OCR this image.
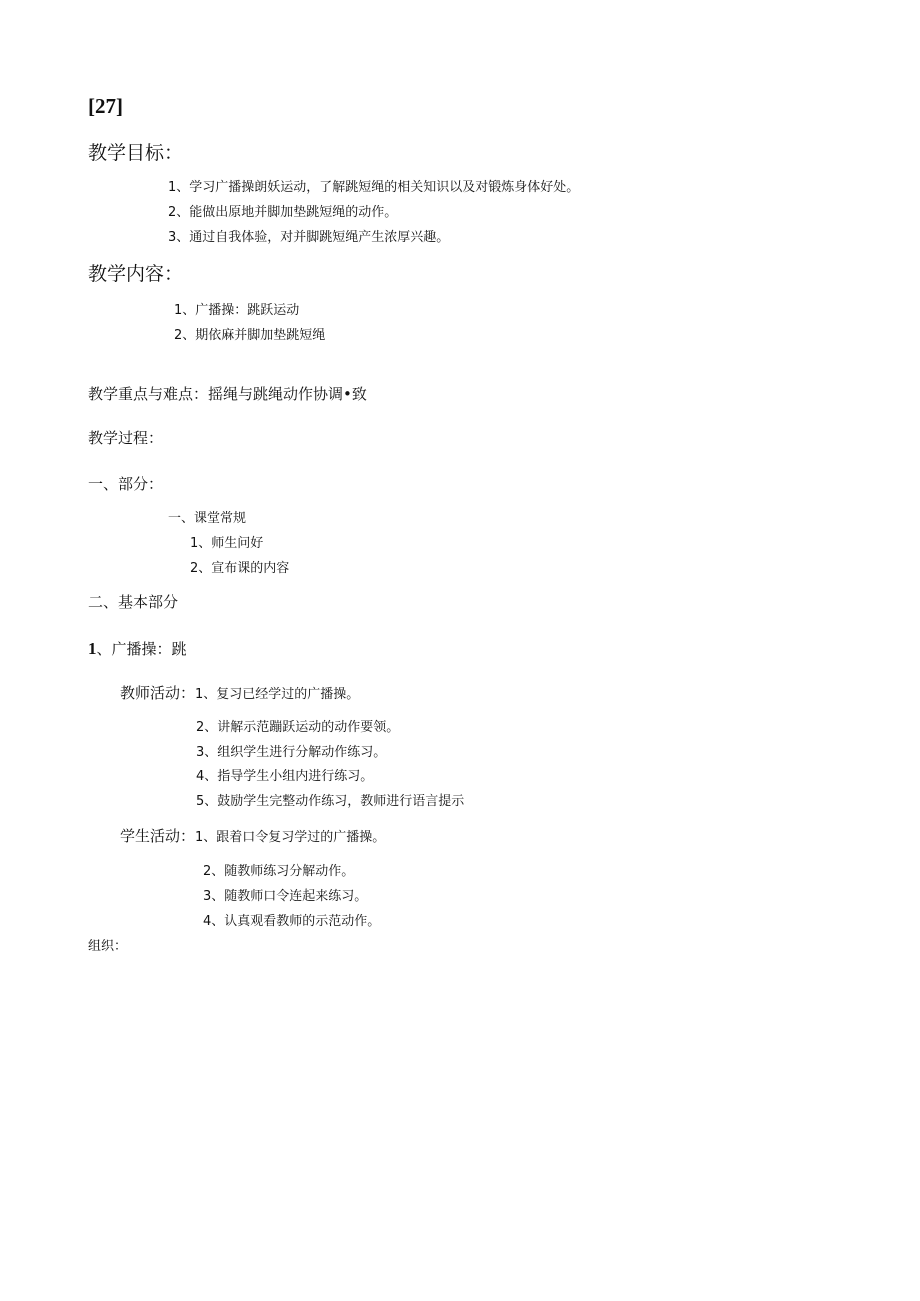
[27]
教学目标：
1、学习广播操朗妖运动，了解跳短绳的相关知识以及对锻炼身体好处。
2、能做出原地并脚加垫跳短绳的动作。
3、通过自我体验，对并脚跳短绳产生浓厚兴趣。
教学内容：
1、广播操：跳跃运动
2、期依麻并脚加垫跳短绳
教学重点与难点：摇绳与跳绳动作协调•致
教学过程：
一、部分：
一、课堂常规
1、师生问好
2、宣布课的内容
二、基本部分
1、广播操：跳
教师活动：1、复习已经学过的广播操。
2、讲解示范蹦跃运动的动作要领。
3、组织学生进行分解动作练习。
4、指导学生小组内进行练习。
5、鼓励学生完整动作练习，教师进行语言提示
学生活动：1、跟着口令复习学过的广播操。
2、随教师练习分解动作。
3、随教师口令连起来练习。
4、认真观看教师的示范动作。
组织：
